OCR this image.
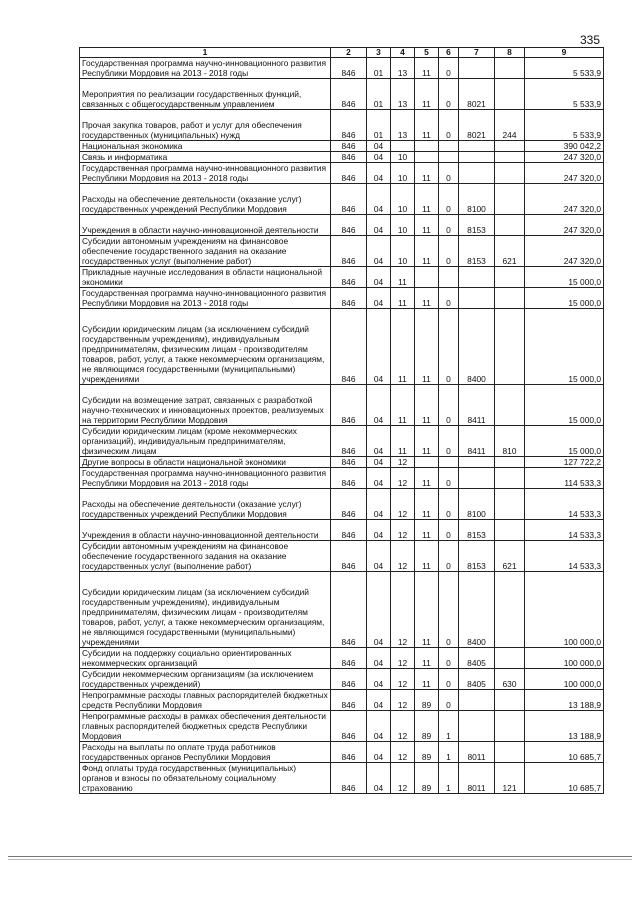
335
1	2	3	4	5	6	7	8	9
Государственная программа научно-инновационного развития Республики Мордовия на 2013 - 2018 годы	846	01	13	11	0			5 533,9
Мероприятия по реализации государственных функций, связанных с общегосударственным управлением	846	01	13	11	0	8021		5 533,9
Прочая закупка товаров, работ и услуг для обеспечения государственных (муниципальных) нужд	846	01	13	11	0	8021	244	5 533,9
Национальная экономика	846	04						390 042,2
Связь и информатика	846	04	10					247 320,0
Государственная программа научно-инновационного развития Республики Мордовия на 2013 - 2018 годы	846	04	10	11	0			247 320,0
Расходы на обеспечение деятельности (оказание услуг) государственных учреждений Республики Мордовия	846	04	10	11	0	8100		247 320,0
Учреждения в области научно-инновационной деятельности	846	04	10	11	0	8153		247 320,0
Субсидии автономным учреждениям на финансовое обеспечение государственного задания на оказание государственных услуг (выполнение работ)	846	04	10	11	0	8153	621	247 320,0
Прикладные научные исследования в области национальной экономики	846	04	11					15 000,0
Государственная программа научно-инновационного развития Республики Мордовия на 2013 - 2018 годы	846	04	11	11	0			15 000,0
Субсидии юридическим лицам (за исключением субсидий государственным учреждениям), индивидуальным предпринимателям, физическим лицам - производителям товаров, работ, услуг, а также некоммерческим организациям, не являющимся государственными (муниципальными) учреждениями	846	04	11	11	0	8400		15 000,0
Субсидии на возмещение затрат, связанных с разработкой научно-технических и инновационных проектов, реализуемых на территории Республики Мордовия	846	04	11	11	0	8411		15 000,0
Субсидии юридическим лицам (кроме некоммерческих организаций), индивидуальным предпринимателям, физическим лицам	846	04	11	11	0	8411	810	15 000,0
Другие вопросы в области национальной экономики	846	04	12					127 722,2
Государственная программа научно-инновационного развития Республики Мордовия на 2013 - 2018 годы	846	04	12	11	0			114 533,3
Расходы на обеспечение деятельности (оказание услуг) государственных учреждений Республики Мордовия	846	04	12	11	0	8100		14 533,3
Учреждения в области научно-инновационной деятельности	846	04	12	11	0	8153		14 533,3
Субсидии автономным учреждениям на финансовое обеспечение государственного задания на оказание государственных услуг (выполнение работ)	846	04	12	11	0	8153	621	14 533,3
Субсидии юридическим лицам (за исключением субсидий государственным учреждениям), индивидуальным предпринимателям, физическим лицам - производителям товаров, работ, услуг, а также некоммерческим организациям, не являющимся государственными (муниципальными) учреждениями	846	04	12	11	0	8400		100 000,0
Субсидии на поддержку социально ориентированных некоммерческих организаций	846	04	12	11	0	8405		100 000,0
Субсидии некоммерческим организациям (за исключением государственных учреждений)	846	04	12	11	0	8405	630	100 000,0
Непрограммные расходы главных распорядителей бюджетных средств Республики Мордовия	846	04	12	89	0			13 188,9
Непрограммные расходы в рамках обеспечения деятельности главных распорядителей бюджетных средств Республики Мордовия	846	04	12	89	1			13 188,9
Расходы на выплаты по оплате труда работников государственных органов Республики Мордовия	846	04	12	89	1	8011		10 685,7
Фонд оплаты труда государственных (муниципальных) органов и взносы по обязательному социальному страхованию	846	04	12	89	1	8011	121	10 685,7
